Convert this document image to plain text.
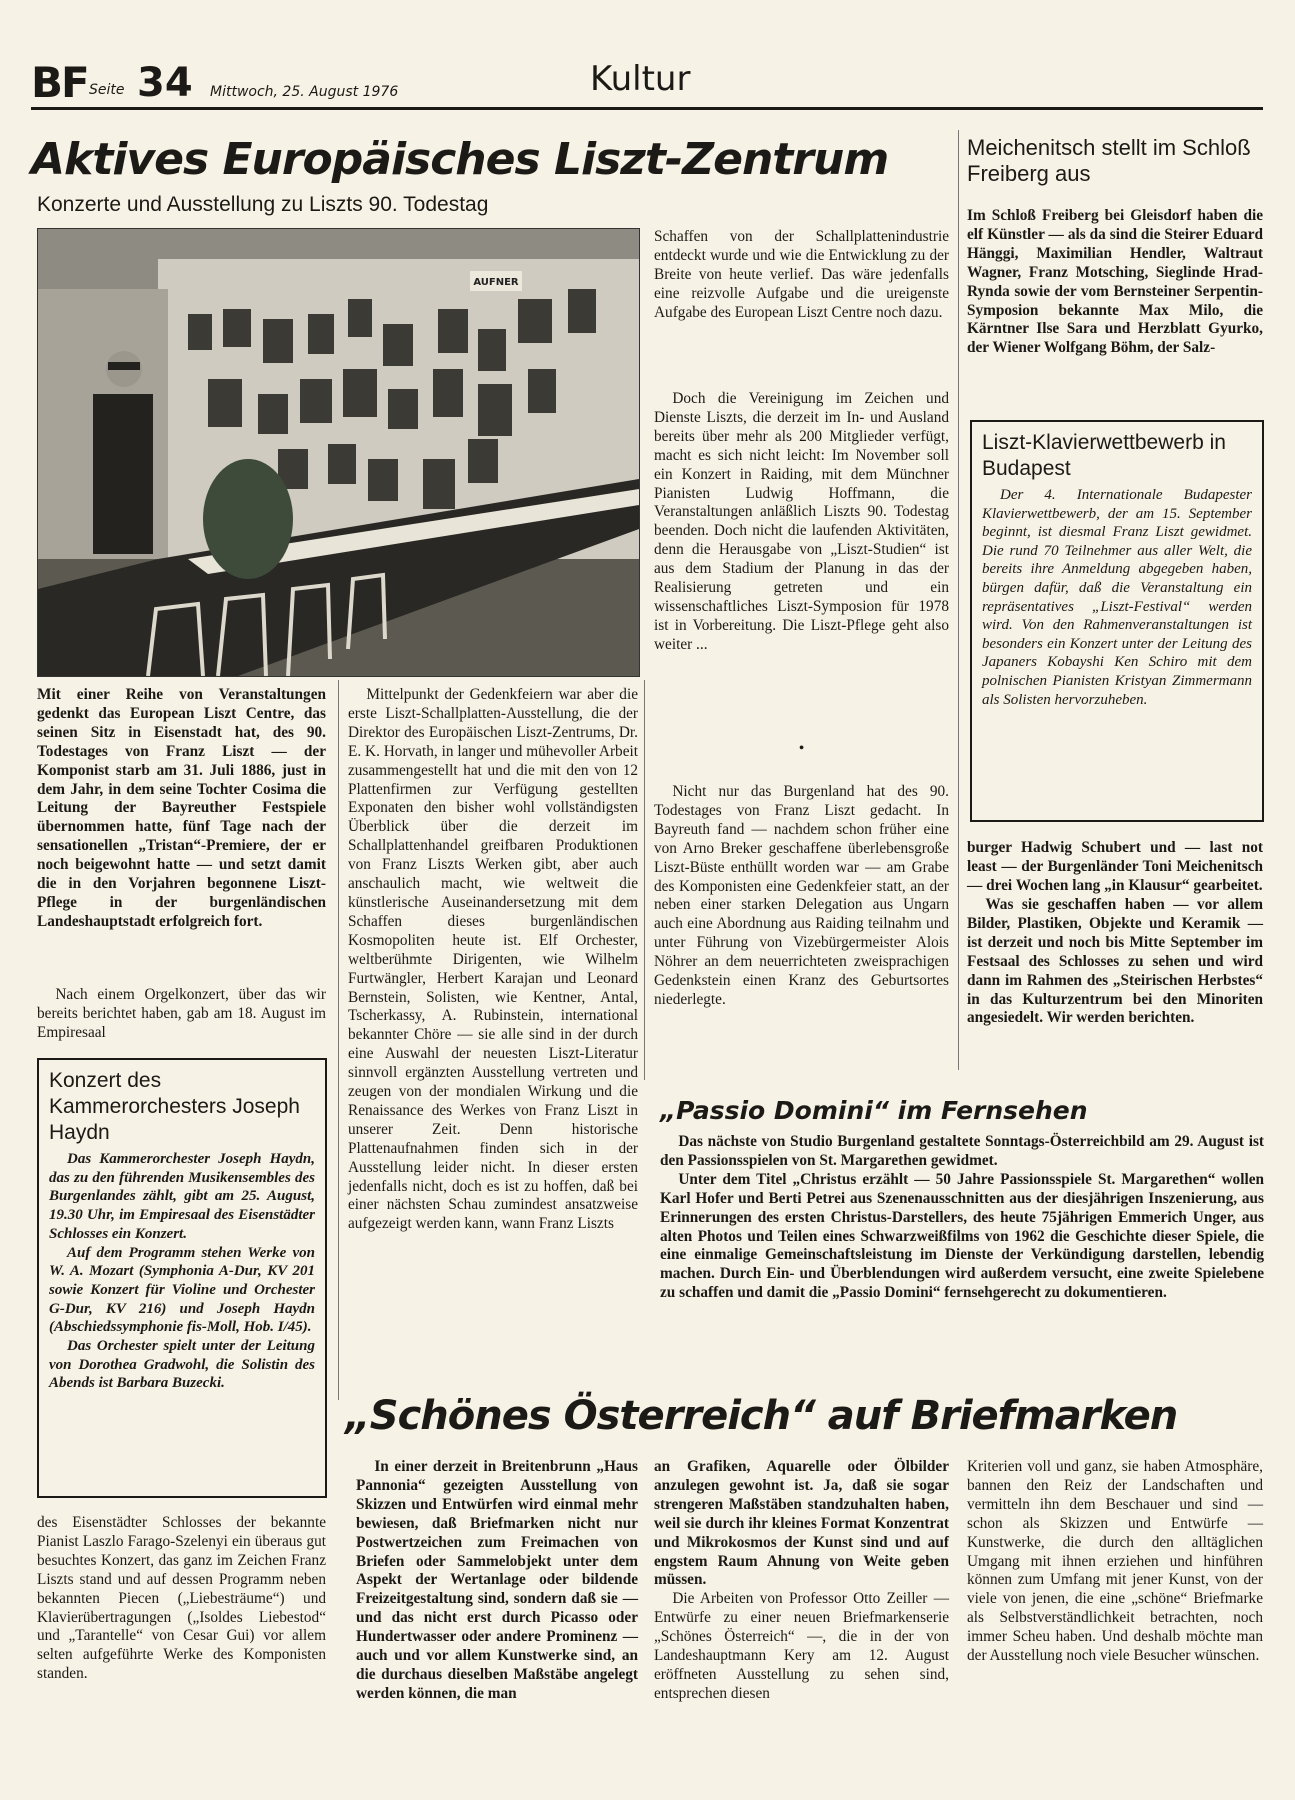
BF Seite 34 Mittwoch, 25. August 1976	Kultur
Aktives Europäisches Liszt-Zentrum
Konzerte und Ausstellung zu Liszts 90. Todestag
AUFNER
Mit einer Reihe von Veranstaltungen gedenkt das European Liszt Centre, das seinen Sitz in Eisenstadt hat, des 90. Todestages von Franz Liszt — der Komponist starb am 31. Juli 1886, just in dem Jahr, in dem seine Tochter Cosima die Leitung der Bayreuther Festspiele übernommen hatte, fünf Tage nach der sensationellen „Tristan“-Premiere, der er noch beigewohnt hatte — und setzt damit die in den Vorjahren begonnene Liszt-Pflege in der burgenländischen Landeshauptstadt erfolgreich fort.
Nach einem Orgelkonzert, über das wir bereits berichtet haben, gab am 18. August im Empiresaal
Konzert des Kammerorchesters Joseph Haydn

Das Kammerorchester Joseph Haydn, das zu den führenden Musikensembles des Burgenlandes zählt, gibt am 25. August, 19.30 Uhr, im Empiresaal des Eisenstädter Schlosses ein Konzert.

Auf dem Programm stehen Werke von W. A. Mozart (Symphonia A-Dur, KV 201 sowie Konzert für Violine und Orchester G-Dur, KV 216) und Joseph Haydn (Abschiedssymphonie fis-Moll, Hob. I/45).

Das Orchester spielt unter der Leitung von Dorothea Gradwohl, die Solistin des Abends ist Barbara Buzecki.

des Eisenstädter Schlosses der bekannte Pianist Laszlo Farago-Szelenyi ein überaus gut besuchtes Konzert, das ganz im Zeichen Franz Liszts stand und auf dessen Programm neben bekannten Piecen („Liebesträume“) und Klavierübertragungen („Isoldes Liebestod“ und „Tarantelle“ von Cesar Gui) vor allem selten aufgeführte Werke des Komponisten standen.
Mittelpunkt der Gedenkfeiern war aber die erste Liszt-Schallplatten-Ausstellung, die der Direktor des Europäischen Liszt-Zentrums, Dr. E. K. Horvath, in langer und mühevoller Arbeit zusammengestellt hat und die mit den von 12 Plattenfirmen zur Verfügung gestellten Exponaten den bisher wohl vollständigsten Überblick über die derzeit im Schallplattenhandel greifbaren Produktionen von Franz Liszts Werken gibt, aber auch anschaulich macht, wie weltweit die künstlerische Auseinandersetzung mit dem Schaffen dieses burgenländischen Kosmopoliten heute ist. Elf Orchester, weltberühmte Dirigenten, wie Wilhelm Furtwängler, Herbert Karajan und Leonard Bernstein, Solisten, wie Kentner, Antal, Tscherkassy, A. Rubinstein, international bekannter Chöre — sie alle sind in der durch eine Auswahl der neuesten Liszt-Literatur sinnvoll ergänzten Ausstellung vertreten und zeugen von der mondialen Wirkung und die Renaissance des Werkes von Franz Liszt in unserer Zeit. Denn historische Plattenaufnahmen finden sich in der Ausstellung leider nicht. In dieser ersten jedenfalls nicht, doch es ist zu hoffen, daß bei einer nächsten Schau zumindest ansatzweise aufgezeigt werden kann, wann Franz Liszts
Schaffen von der Schallplattenindustrie entdeckt wurde und wie die Entwicklung zu der Breite von heute verlief. Das wäre jedenfalls eine reizvolle Aufgabe und die ureigenste Aufgabe des European Liszt Centre noch dazu.
Doch die Vereinigung im Zeichen und Dienste Liszts, die derzeit im In- und Ausland bereits über mehr als 200 Mitglieder verfügt, macht es sich nicht leicht: Im November soll ein Konzert in Raiding, mit dem Münchner Pianisten Ludwig Hoffmann, die Veranstaltungen anläßlich Liszts 90. Todestag beenden. Doch nicht die laufenden Aktivitäten, denn die Herausgabe von „Liszt-Studien“ ist aus dem Stadium der Planung in das der Realisierung getreten und ein wissenschaftliches Liszt-Symposion für 1978 ist in Vorbereitung. Die Liszt-Pflege geht also weiter ...
•
Nicht nur das Burgenland hat des 90. Todestages von Franz Liszt gedacht. In Bayreuth fand — nachdem schon früher eine von Arno Breker geschaffene überlebensgroße Liszt-Büste enthüllt worden war — am Grabe des Komponisten eine Gedenkfeier statt, an der neben einer starken Delegation aus Ungarn auch eine Abordnung aus Raiding teilnahm und unter Führung von Vizebürgermeister Alois Nöhrer an dem neuerrichteten zweisprachigen Gedenkstein einen Kranz des Geburtsortes niederlegte.
Meichenitsch stellt im Schloß Freiberg aus
Im Schloß Freiberg bei Gleisdorf haben die elf Künstler — als da sind die Steirer Eduard Hänggi, Maximilian Hendler, Waltraut Wagner, Franz Motsching, Sieglinde Hrad-Rynda sowie der vom Bernsteiner Serpentin-Symposion bekannte Max Milo, die Kärntner Ilse Sara und Herzblatt Gyurko, der Wiener Wolfgang Böhm, der Salz-
Liszt-Klavierwettbewerb in Budapest

Der 4. Internationale Budapester Klavierwettbewerb, der am 15. September beginnt, ist diesmal Franz Liszt gewidmet. Die rund 70 Teilnehmer aus aller Welt, die bereits ihre Anmeldung abgegeben haben, bürgen dafür, daß die Veranstaltung ein repräsentatives „Liszt-Festival“ werden wird. Von den Rahmenveranstaltungen ist besonders ein Konzert unter der Leitung des Japaners Kobayshi Ken Schiro mit dem polnischen Pianisten Kristyan Zimmermann als Solisten hervorzuheben.

burger Hadwig Schubert und — last not least — der Burgenländer Toni Meichenitsch — drei Wochen lang „in Klausur“ gearbeitet.
Was sie geschaffen haben — vor allem Bilder, Plastiken, Objekte und Keramik — ist derzeit und noch bis Mitte September im Festsaal des Schlosses zu sehen und wird dann im Rahmen des „Steirischen Herbstes“ in das Kulturzentrum bei den Minoriten angesiedelt. Wir werden berichten.
„Passio Domini“ im Fernsehen

Das nächste von Studio Burgenland gestaltete Sonntags-Österreichbild am 29. August ist den Passionsspielen von St. Margarethen gewidmet.

Unter dem Titel „Christus erzählt — 50 Jahre Passionsspiele St. Margarethen“ wollen Karl Hofer und Berti Petrei aus Szenenausschnitten aus der diesjährigen Inszenierung, aus Erinnerungen des ersten Christus-Darstellers, des heute 75jährigen Emmerich Unger, aus alten Photos und Teilen eines Schwarzweißfilms von 1962 die Geschichte dieser Spiele, die eine einmalige Gemeinschaftsleistung im Dienste der Verkündigung darstellen, lebendig machen. Durch Ein- und Überblendungen wird außerdem versucht, eine zweite Spielebene zu schaffen und damit die „Passio Domini“ fernsehgerecht zu dokumentieren.

„Schönes Österreich“ auf Briefmarken
In einer derzeit in Breitenbrunn „Haus Pannonia“ gezeigten Ausstellung von Skizzen und Entwürfen wird einmal mehr bewiesen, daß Briefmarken nicht nur Postwertzeichen zum Freimachen von Briefen oder Sammelobjekt unter dem Aspekt der Wertanlage oder bildende Freizeitgestaltung sind, sondern daß sie — und das nicht erst durch Picasso oder Hundertwasser oder andere Prominenz — auch und vor allem Kunstwerke sind, an die durchaus dieselben Maßstäbe angelegt werden können, die man

an Grafiken, Aquarelle oder Ölbilder anzulegen gewohnt ist. Ja, daß sie sogar strengeren Maßstäben standzuhalten haben, weil sie durch ihr kleines Format Konzentrat und Mikrokosmos der Kunst sind und auf engstem Raum Ahnung von Weite geben müssen.

Die Arbeiten von Professor Otto Zeiller — Entwürfe zu einer neuen Briefmarkenserie „Schönes Österreich“ —, die in der von Landeshauptmann Kery am 12. August eröffneten Ausstellung zu sehen sind, entsprechen diesen

Kriterien voll und ganz, sie haben Atmosphäre, bannen den Reiz der Landschaften und vermitteln ihn dem Beschauer und sind — schon als Skizzen und Entwürfe — Kunstwerke, die durch den alltäglichen Umgang mit ihnen erziehen und hinführen können zum Umfang mit jener Kunst, von der viele von jenen, die eine „schöne“ Briefmarke als Selbstverständlichkeit betrachten, noch immer Scheu haben. Und deshalb möchte man der Ausstellung noch viele Besucher wünschen.
